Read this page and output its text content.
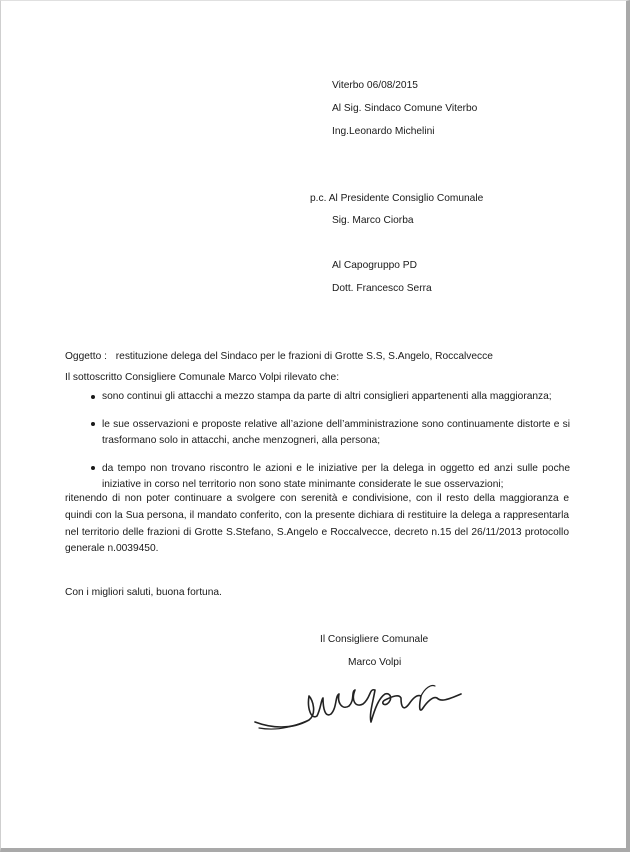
Viterbo 06/08/2015
Al Sig. Sindaco Comune Viterbo
Ing.Leonardo Michelini
p.c. Al Presidente Consiglio Comunale
Sig. Marco Ciorba
Al Capogruppo PD
Dott. Francesco Serra
Oggetto : restituzione delega del Sindaco per le frazioni di Grotte S.S, S.Angelo, Roccalvecce
Il sottoscritto Consigliere Comunale Marco Volpi rilevato che:
sono continui gli attacchi a mezzo stampa da parte di altri consiglieri appartenenti alla maggioranza;
le sue osservazioni e proposte relative all’azione dell’amministrazione sono continuamente distorte e si trasformano solo in attacchi, anche menzogneri, alla persona;
da tempo non trovano riscontro le azioni e le iniziative per la delega in oggetto ed anzi sulle poche iniziative in corso nel territorio non sono state minimante considerate le sue osservazioni;
ritenendo di non poter continuare a svolgere con serenità e condivisione, con il resto della maggioranza e quindi con la Sua persona, il mandato conferito, con la presente dichiara di restituire la delega a rappresentarla nel territorio delle frazioni di Grotte S.Stefano, S.Angelo e Roccalvecce, decreto n.15 del 26/11/2013 protocollo generale n.0039450.
Con i migliori saluti, buona fortuna.
Il Consigliere Comunale
Marco Volpi
